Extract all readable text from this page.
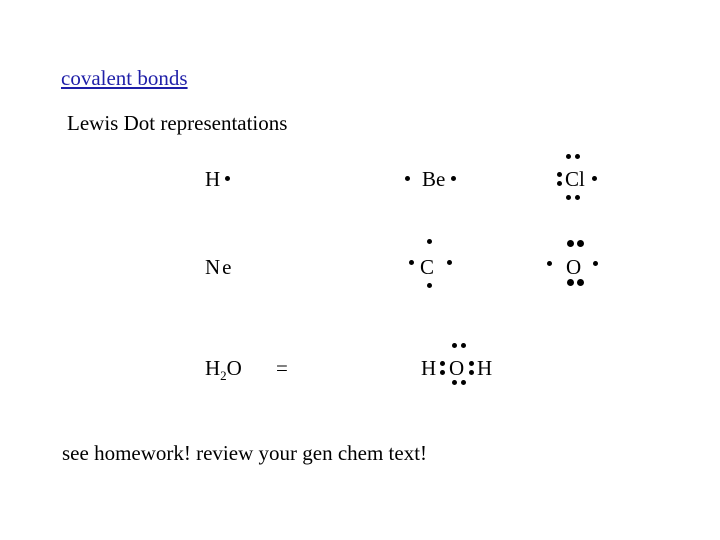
covalent bonds
Lewis Dot representations
H	Be	Cl
Ne	C	O
$H_2O$ =	H O H
see homework! review your gen chem text!
